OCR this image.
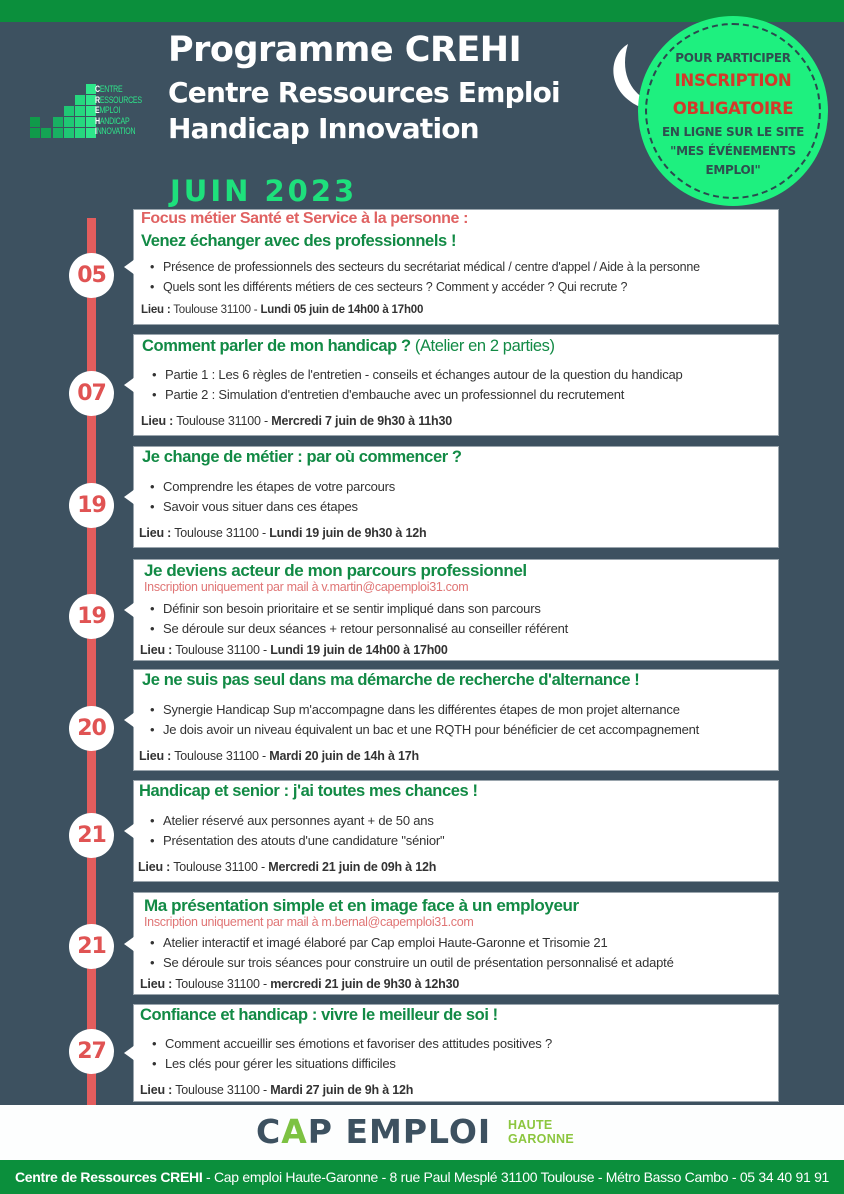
CENTRE
RESSOURCES
EMPLOI
HANDICAP
INNOVATION
Programme CREHI
Centre Ressources Emploi
Handicap Innovation
JUIN 2023
POUR PARTICIPER
INSCRIPTION
OBLIGATOIRE
EN LIGNE SUR LE SITE
"MES ÉVÉNEMENTS
EMPLOI"
05
Focus métier Santé et Service à la personne :
Venez échanger avec des professionnels !
• Présence de professionnels des secteurs du secrétariat médical / centre d'appel / Aide à la personne
• Quels sont les différents métiers de ces secteurs ? Comment y accéder ? Qui recrute ?
Lieu : Toulouse 31100 - Lundi 05 juin de 14h00 à 17h00
07
Comment parler de mon handicap ? (Atelier en 2 parties)
• Partie 1 : Les 6 règles de l'entretien - conseils et échanges autour de la question du handicap
• Partie 2 : Simulation d'entretien d'embauche avec un professionnel du recrutement
Lieu : Toulouse 31100 - Mercredi 7 juin de 9h30 à 11h30
19
Je change de métier : par où commencer ?
• Comprendre les étapes de votre parcours
• Savoir vous situer dans ces étapes
Lieu : Toulouse 31100 - Lundi 19 juin de 9h30 à 12h
19
Je deviens acteur de mon parcours professionnel
Inscription uniquement par mail à v.martin@capemploi31.com
• Définir son besoin prioritaire et se sentir impliqué dans son parcours
• Se déroule sur deux séances + retour personnalisé au conseiller référent
Lieu : Toulouse 31100 - Lundi 19 juin de 14h00 à 17h00
20
Je ne suis pas seul dans ma démarche de recherche d'alternance !
• Synergie Handicap Sup m'accompagne dans les différentes étapes de mon projet alternance
• Je dois avoir un niveau équivalent un bac et une RQTH pour bénéficier de cet accompagnement
Lieu : Toulouse 31100 - Mardi 20 juin de 14h à 17h
21
Handicap et senior : j'ai toutes mes chances !
• Atelier réservé aux personnes ayant + de 50 ans
• Présentation des atouts d'une candidature "sénior"
Lieu : Toulouse 31100 - Mercredi 21 juin de 09h à 12h
21
Ma présentation simple et en image face à un employeur
Inscription uniquement par mail à m.bernal@capemploi31.com
• Atelier interactif et imagé élaboré par Cap emploi Haute-Garonne et Trisomie 21
• Se déroule sur trois séances pour construire un outil de présentation personnalisé et adapté
Lieu : Toulouse 31100 - mercredi 21 juin de 9h30 à 12h30
27
Confiance et handicap : vivre le meilleur de soi !
• Comment accueillir ses émotions et favoriser des attitudes positives ?
• Les clés pour gérer les situations difficiles
Lieu : Toulouse 31100 - Mardi 27 juin de 9h à 12h
CAP EMPLOI HAUTE
GARONNE
Centre de Ressources CREHI - Cap emploi Haute-Garonne - 8 rue Paul Mesplé 31100 Toulouse - Métro Basso Cambo - 05 34 40 91 91
